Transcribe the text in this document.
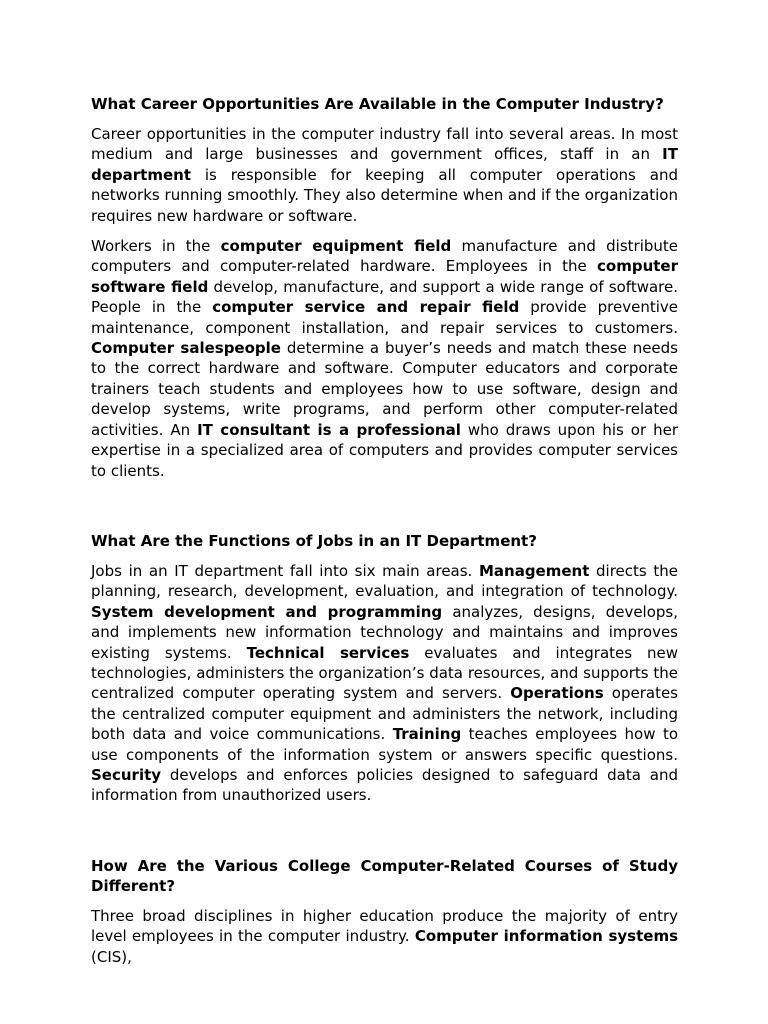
What Career Opportunities Are Available in the Computer Industry?

Career opportunities in the computer industry fall into several areas. In most medium and large businesses and government offices, staff in an IT department is responsible for keeping all computer operations and networks running smoothly. They also determine when and if the organization requires new hardware or software.

Workers in the computer equipment field manufacture and distribute computers and computer-related hardware. Employees in the computer software field develop, manufacture, and support a wide range of software. People in the computer service and repair field provide preventive maintenance, component installation, and repair services to customers. Computer salespeople determine a buyer’s needs and match these needs to the correct hardware and software. Computer educators and corporate trainers teach students and employees how to use software, design and develop systems, write programs, and perform other computer-related activities. An IT consultant is a professional who draws upon his or her expertise in a specialized area of computers and provides computer services to clients.

What Are the Functions of Jobs in an IT Department?

Jobs in an IT department fall into six main areas. Management directs the planning, research, development, evaluation, and integration of technology. System development and programming analyzes, designs, develops, and implements new information technology and maintains and improves existing systems. Technical services evaluates and integrates new technologies, administers the organization’s data resources, and supports the centralized computer operating system and servers. Operations operates the centralized computer equipment and administers the network, including both data and voice communications. Training teaches employees how to use components of the information system or answers specific questions. Security develops and enforces policies designed to safeguard data and information from unauthorized users.

How Are the Various College Computer-Related Courses of Study Different?

Three broad disciplines in higher education produce the majority of entry level employees in the computer industry. Computer information systems (CIS),
